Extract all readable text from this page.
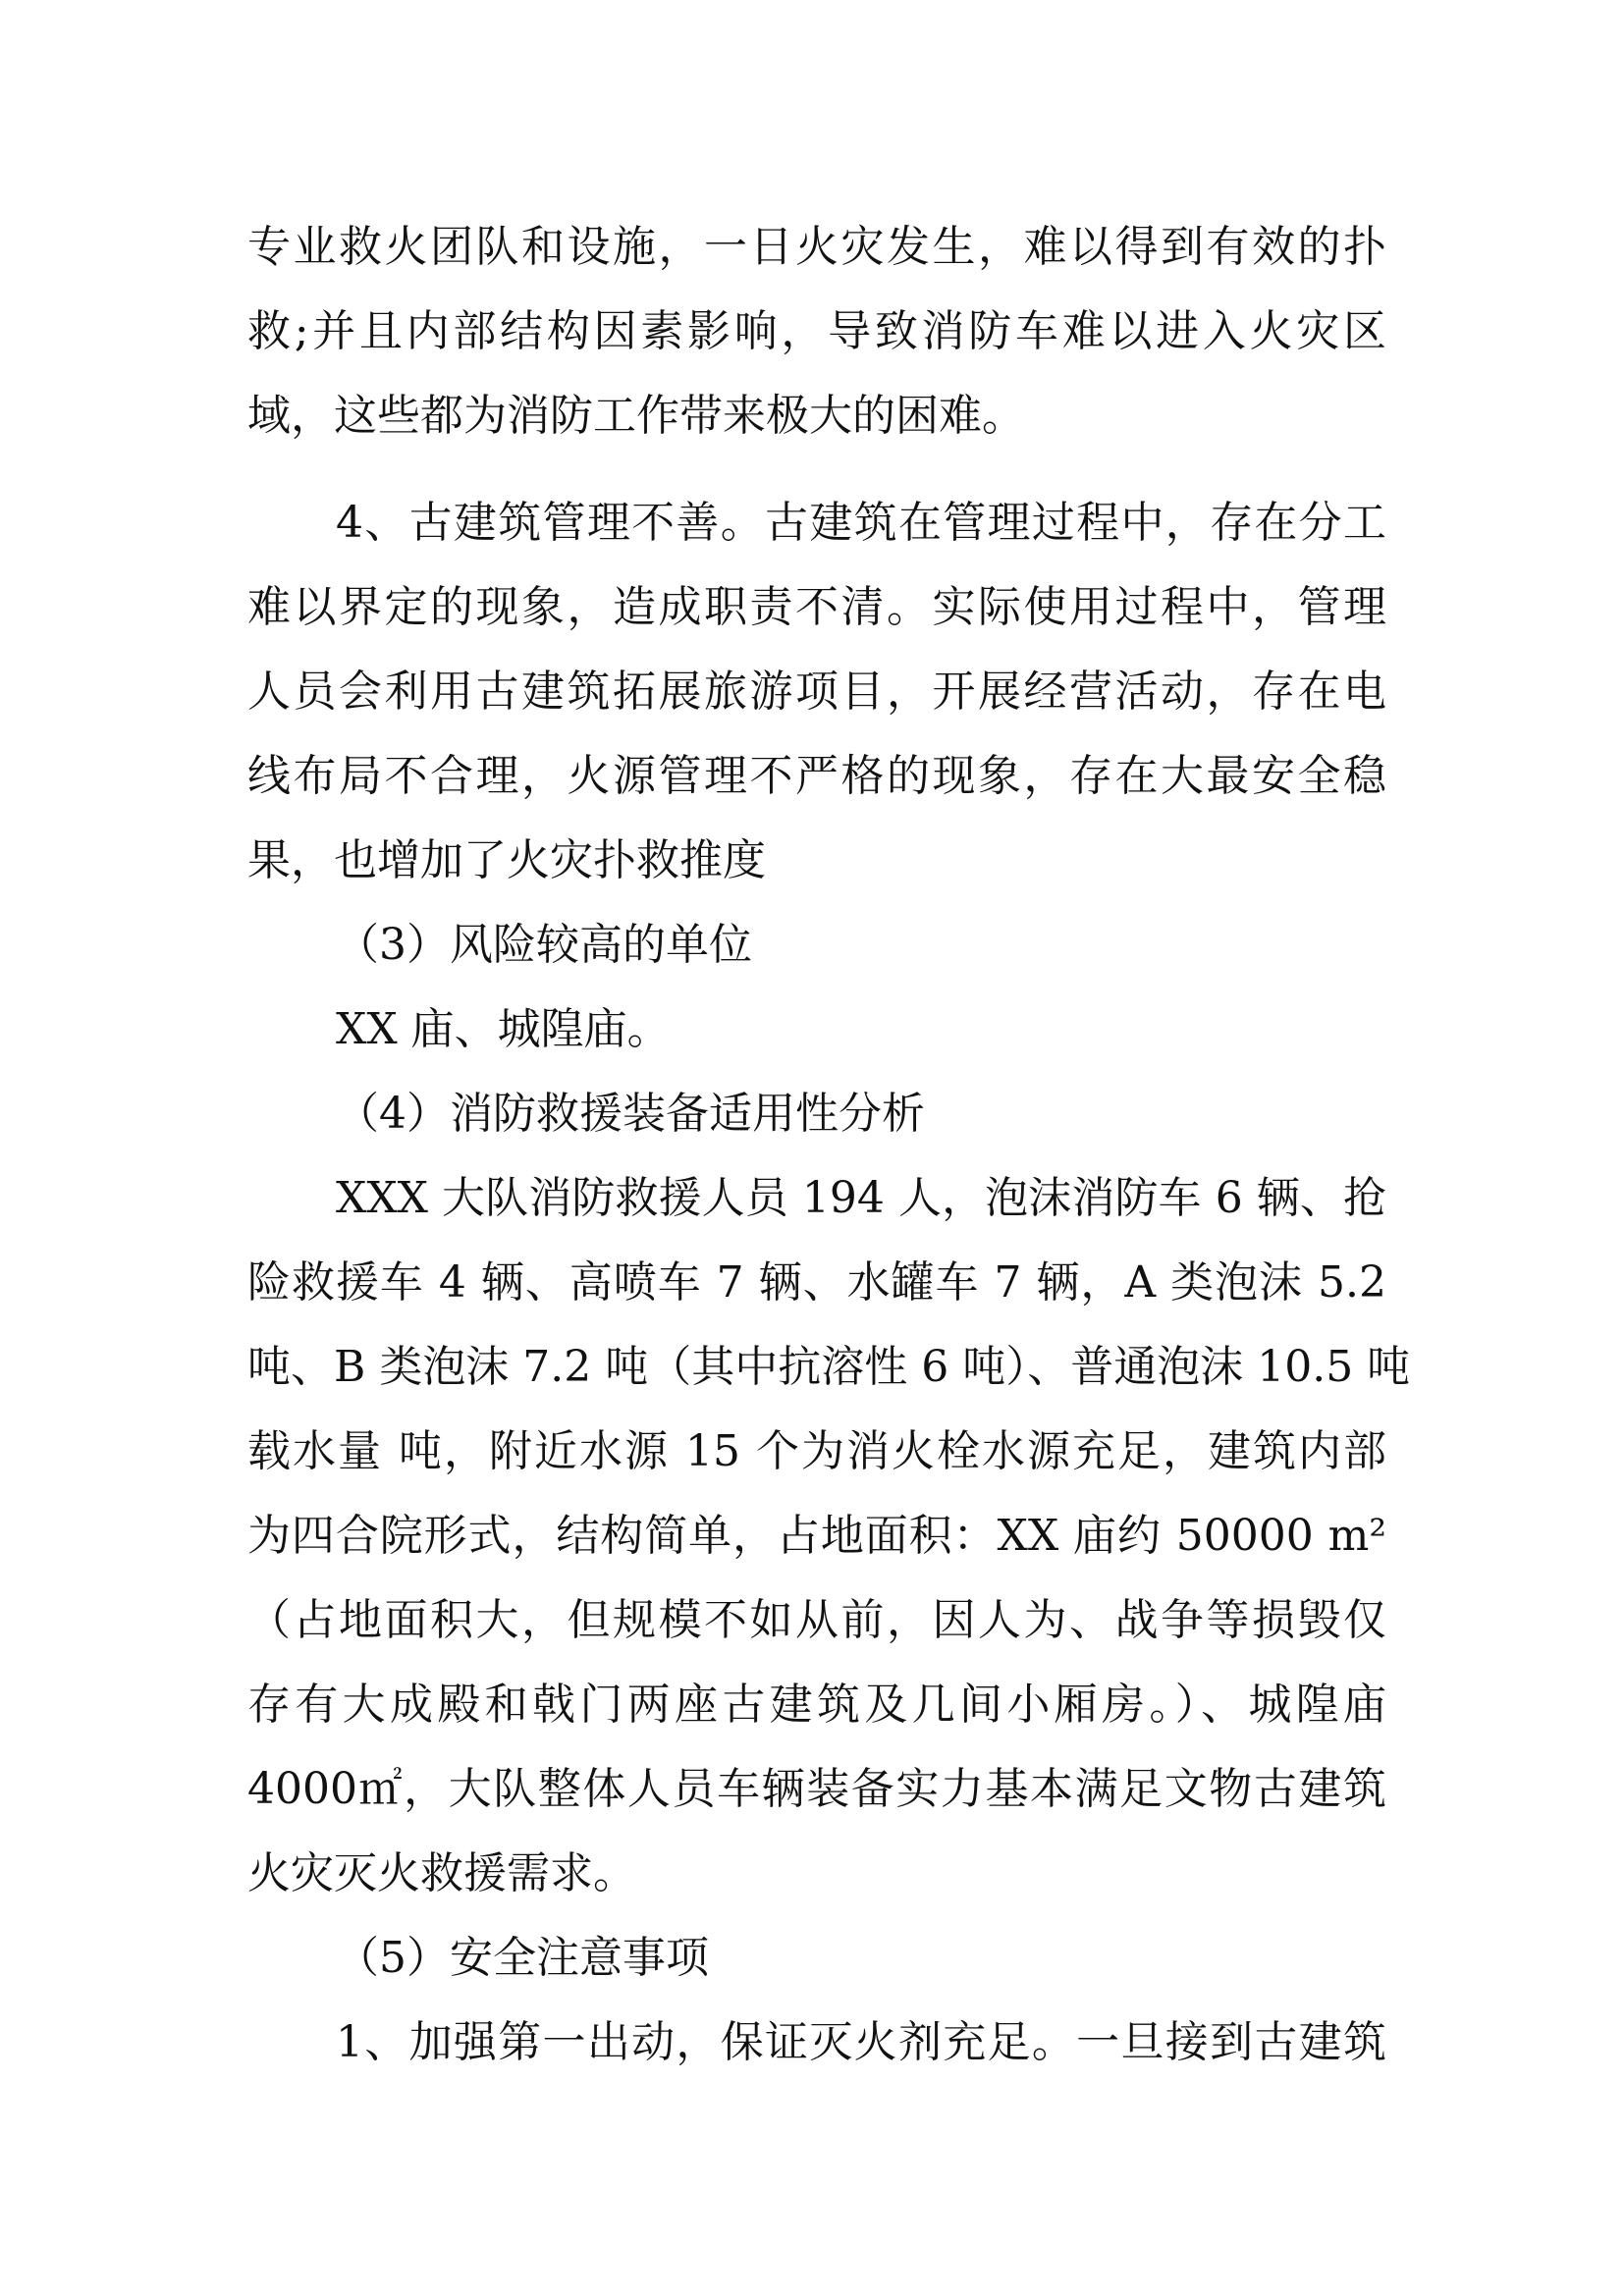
专业救火团队和设施，一日火灾发生，难以得到有效的扑
救;并且内部结构因素影响，导致消防车难以进入火灾区
域，这些都为消防工作带来极大的困难。
4、古建筑管理不善。古建筑在管理过程中，存在分工
难以界定的现象，造成职责不清。实际使用过程中，管理
人员会利用古建筑拓展旅游项目，开展经营活动，存在电
线布局不合理，火源管理不严格的现象，存在大最安全稳
果，也增加了火灾扑救推度
（3）风险较高的单位
XX 庙、城隍庙。
（4）消防救援装备适用性分析
XXX 大队消防救援人员 194 人，泡沫消防车 6 辆、抢
险救援车 4 辆、高喷车 7 辆、水罐车 7 辆，A 类泡沫 5.2
吨、B 类泡沫 7.2 吨（其中抗溶性 6 吨）、普通泡沫 10.5 吨
载水量 吨，附近水源 15 个为消火栓水源充足，建筑内部
为四合院形式，结构简单，占地面积：XX 庙约 50000 m²
（占地面积大，但规模不如从前，因人为、战争等损毁仅
存有大成殿和戟门两座古建筑及几间小厢房。）、城隍庙
4000㎡，大队整体人员车辆装备实力基本满足文物古建筑
火灾灭火救援需求。
（5）安全注意事项
1、加强第一出动，保证灭火剂充足。一旦接到古建筑
